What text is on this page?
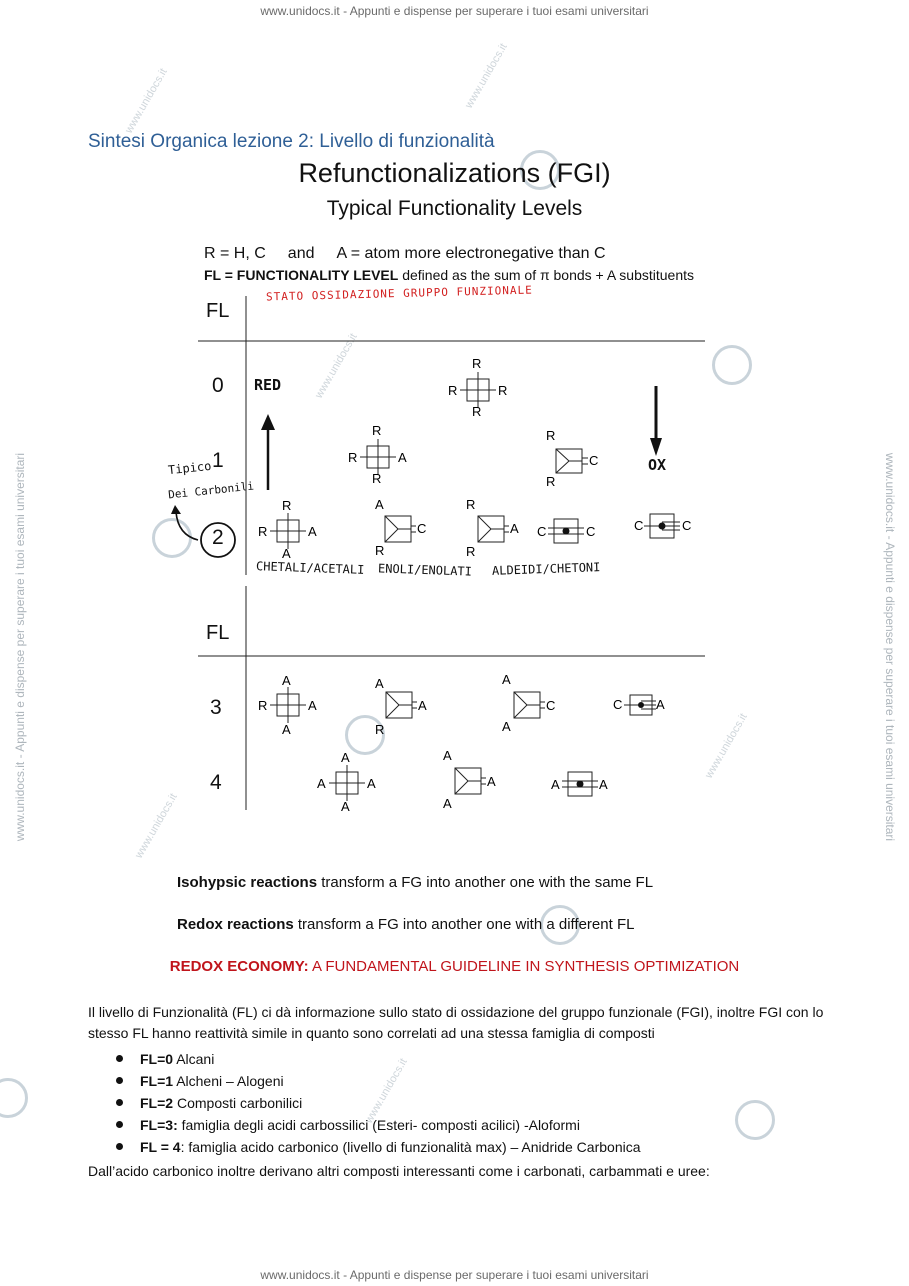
www.unidocs.it - Appunti e dispense per superare i tuoi esami universitari
www.unidocs.it - Appunti e dispense per superare i tuoi esami universitari
www.unidocs.it - Appunti e dispense per superare i tuoi esami universitari	www.unidocs.it - Appunti e dispense per superare i tuoi esami universitari
www.unidocs.it	www.unidocs.it
www.unidocs.it
www.unidocs.it
www.unidocs.it
www.unidocs.it
Sintesi Organica lezione 2: Livello di funzionalità
Refunctionalizations (FGI)
Typical Functionality Levels
R = H, C and A = atom more electronegative than C
FL = FUNCTIONALITY LEVEL defined as the sum of π bonds + A substituents
STATO OSSIDAZIONE GRUPPO FUNZIONALE
FL
FL
0
1
2
3
4
RED
OX
Tipico
Dei Carbonili
CHETALI/ACETALI ENOLI/ENOLATI ALDEIDI/CHETONI
R
R
R	R
R
R
R	A
R
R
C
R
A
R	A
A
R
C
R
R
A C	C	C	C
A
A
R	A
A
R
A
A
A
C	C	A
A
A
A	A
A
A
A	A	A
Isohypsic reactions transform a FG into another one with the same FL
Redox reactions transform a FG into another one with a different FL
REDOX ECONOMY: A FUNDAMENTAL GUIDELINE IN SYNTHESIS OPTIMIZATION
Il livello di Funzionalità (FL) ci dà informazione sullo stato di ossidazione del gruppo funzionale (FGI), inoltre FGI con lo stesso FL hanno reattività simile in quanto sono correlati ad una stessa famiglia di composti
FL=0 Alcani
FL=1 Alcheni – Alogeni
FL=2 Composti carbonilici
FL=3: famiglia degli acidi carbossilici (Esteri- composti acilici) -Aloformi
FL = 4: famiglia acido carbonico (livello di funzionalità max) – Anidride Carbonica
Dall’acido carbonico inoltre derivano altri composti interessanti come i carbonati, carbammati e uree:
